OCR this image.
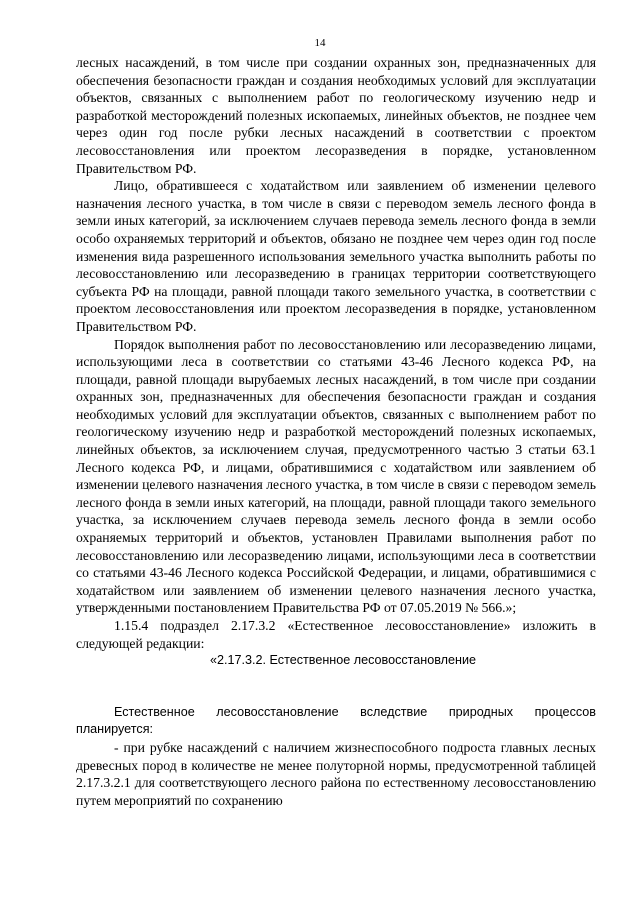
14

лесных насаждений, в том числе при создании охранных зон, предназначенных для обеспечения безопасности граждан и создания необходимых условий для эксплуатации объектов, связанных с выполнением работ по геологическому изучению недр и разработкой месторождений полезных ископаемых, линейных объектов, не позднее чем через один год после рубки лесных насаждений в соответствии с проектом лесовосстановления или проектом лесоразведения в порядке, установленном Правительством РФ.

Лицо, обратившееся с ходатайством или заявлением об изменении целевого назначения лесного участка, в том числе в связи с переводом земель лесного фонда в земли иных категорий, за исключением случаев перевода земель лесного фонда в земли особо охраняемых территорий и объектов, обязано не позднее чем через один год после изменения вида разрешенного использования земельного участка выполнить работы по лесовосстановлению или лесоразведению в границах территории соответствующего субъекта РФ на площади, равной площади такого земельного участка, в соответствии с проектом лесовосстановления или проектом лесоразведения в порядке, установленном Правительством РФ.

Порядок выполнения работ по лесовосстановлению или лесоразведению лицами, использующими леса в соответствии со статьями 43-46 Лесного кодекса РФ, на площади, равной площади вырубаемых лесных насаждений, в том числе при создании охранных зон, предназначенных для обеспечения безопасности граждан и создания необходимых условий для эксплуатации объектов, связанных с выполнением работ по геологическому изучению недр и разработкой месторождений полезных ископаемых, линейных объектов, за исключением случая, предусмотренного частью 3 статьи 63.1 Лесного кодекса РФ, и лицами, обратившимися с ходатайством или заявлением об изменении целевого назначения лесного участка, в том числе в связи с переводом земель лесного фонда в земли иных категорий, на площади, равной площади такого земельного участка, за исключением случаев перевода земель лесного фонда в земли особо охраняемых территорий и объектов, установлен Правилами выполнения работ по лесовосстановлению или лесоразведению лицами, использующими леса в соответствии со статьями 43-46 Лесного кодекса Российской Федерации, и лицами, обратившимися с ходатайством или заявлением об изменении целевого назначения лесного участка, утвержденными постановлением Правительства РФ от 07.05.2019 № 566.»;

1.15.4 подраздел 2.17.3.2 «Естественное лесовосстановление» изложить в следующей редакции:

«2.17.3.2. Естественное лесовосстановление

Естественное лесовосстановление вследствие природных процессов планируется:

- при рубке насаждений с наличием жизнеспособного подроста главных лесных древесных пород в количестве не менее полуторной нормы, предусмотренной таблицей 2.17.3.2.1 для соответствующего лесного района по естественному лесовосстановлению путем мероприятий по сохранению
